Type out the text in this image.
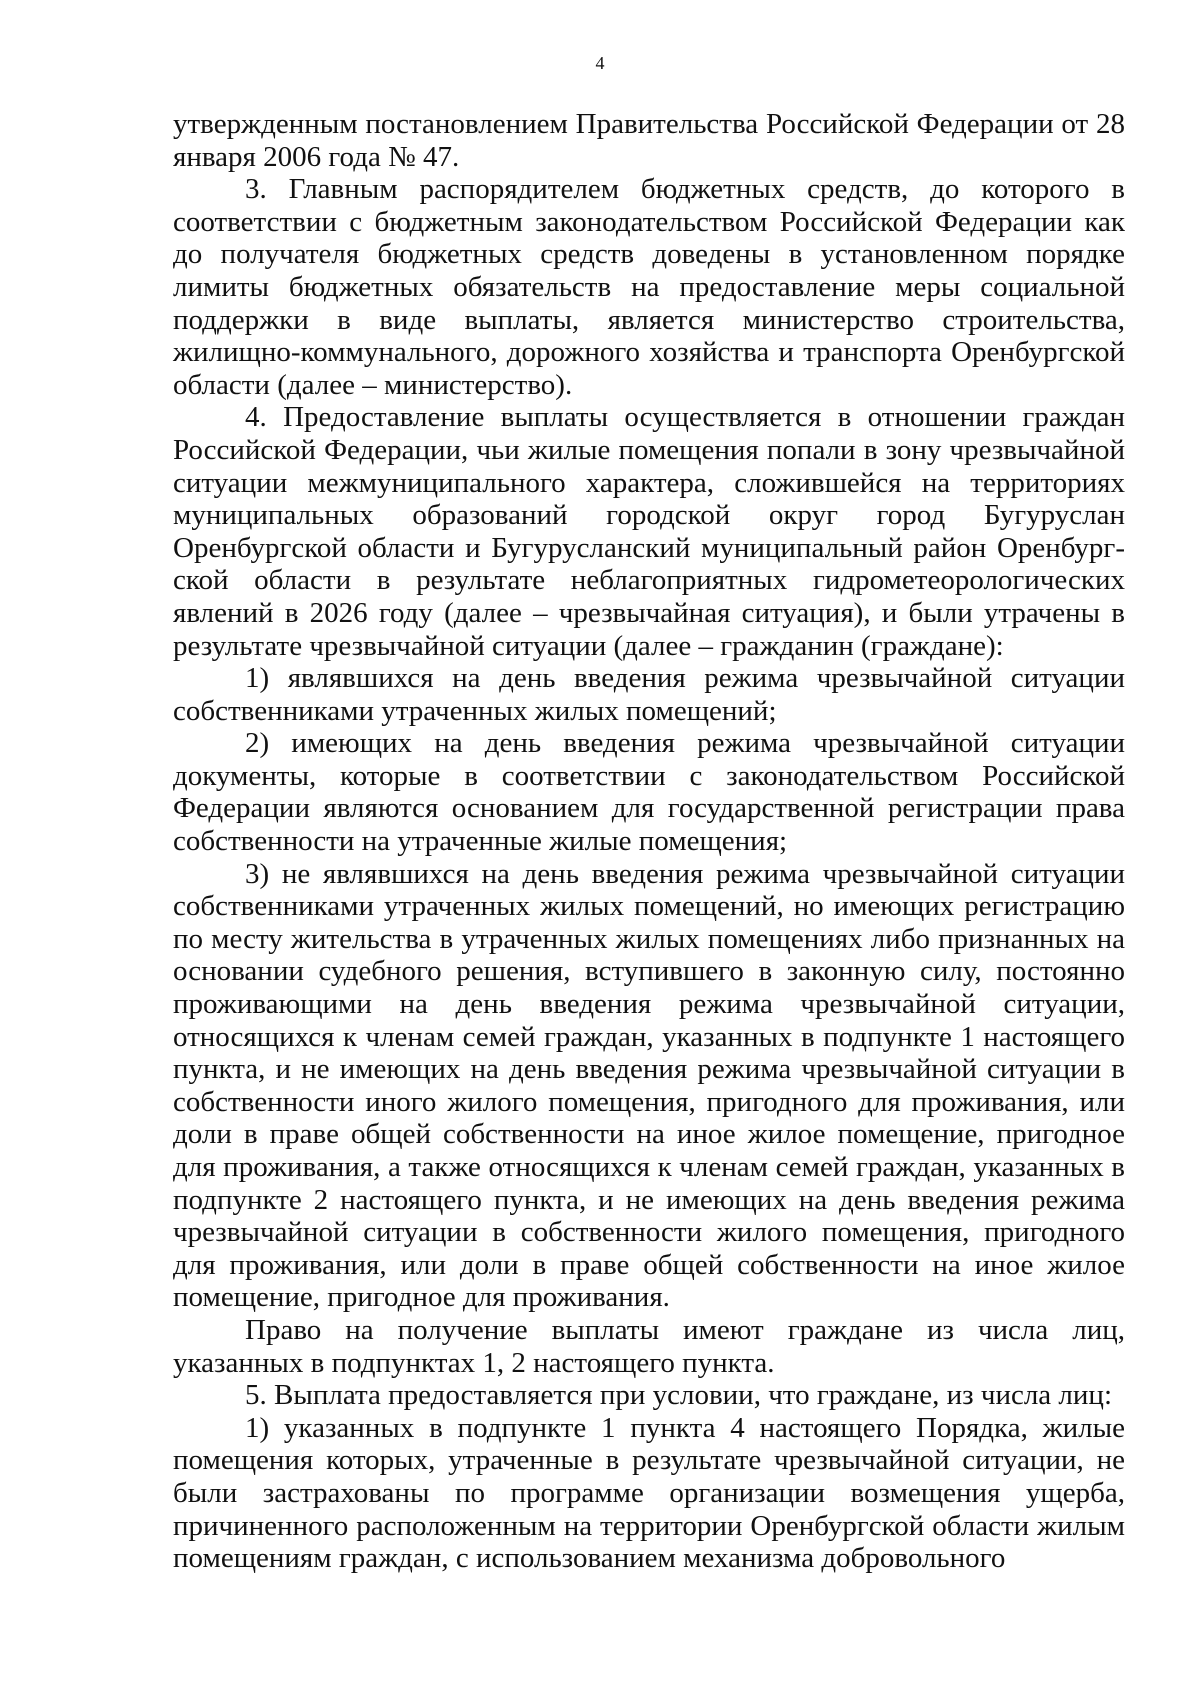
4

утвержденным постановлением Правительства Российской Федерации от 28 января 2006 года № 47.

3. Главным распорядителем бюджетных средств, до которого в соответствии с бюджетным законодательством Российской Федерации как до получателя бюджетных средств доведены в установленном порядке лимиты бюджетных обязательств на предоставление меры социальной поддержки в виде выплаты, является министерство строительства, жилищно-коммунального, дорожного хозяйства и транспорта Оренбургской области (далее – министерство).

4. Предоставление выплаты осуществляется в отношении граждан Российской Федерации, чьи жилые помещения попали в зону чрезвычайной ситуации межмуниципального характера, сложившейся на территориях муниципальных образований городской округ город Бугуруслан Оренбургской области и Бугурусланский муниципальный район Оренбургской области в результате неблагоприятных гидрометеорологических явлений в 2026 году (далее – чрезвычайная ситуация), и были утрачены в результате чрезвычайной ситуации (далее – гражданин (граждане):

1) являвшихся на день введения режима чрезвычайной ситуации собственниками утраченных жилых помещений;

2) имеющих на день введения режима чрезвычайной ситуации документы, которые в соответствии с законодательством Российской Федерации являются основанием для государственной регистрации права собственности на утраченные жилые помещения;

3) не являвшихся на день введения режима чрезвычайной ситуации собственниками утраченных жилых помещений, но имеющих регистрацию по месту жительства в утраченных жилых помещениях либо признанных на основании судебного решения, вступившего в законную силу, постоянно проживающими на день введения режима чрезвычайной ситуации, относящихся к членам семей граждан, указанных в подпункте 1 настоящего пункта, и не имеющих на день введения режима чрезвычайной ситуации в собственности иного жилого помещения, пригодного для проживания, или доли в праве общей собственности на иное жилое помещение, пригодное для проживания, а также относящихся к членам семей граждан, указанных в подпункте 2 настоящего пункта, и не имеющих на день введения режима чрезвычайной ситуации в собственности жилого помещения, пригодного для проживания, или доли в праве общей собственности на иное жилое помещение, пригодное для проживания.

Право на получение выплаты имеют граждане из числа лиц, указанных в подпунктах 1, 2 настоящего пункта.

5. Выплата предоставляется при условии, что граждане, из числа лиц:

1) указанных в подпункте 1 пункта 4 настоящего Порядка, жилые помещения которых, утраченные в результате чрезвычайной ситуации, не были застрахованы по программе организации возмещения ущерба, причиненного расположенным на территории Оренбургской области жилым помещениям граждан, с использованием механизма добровольного
